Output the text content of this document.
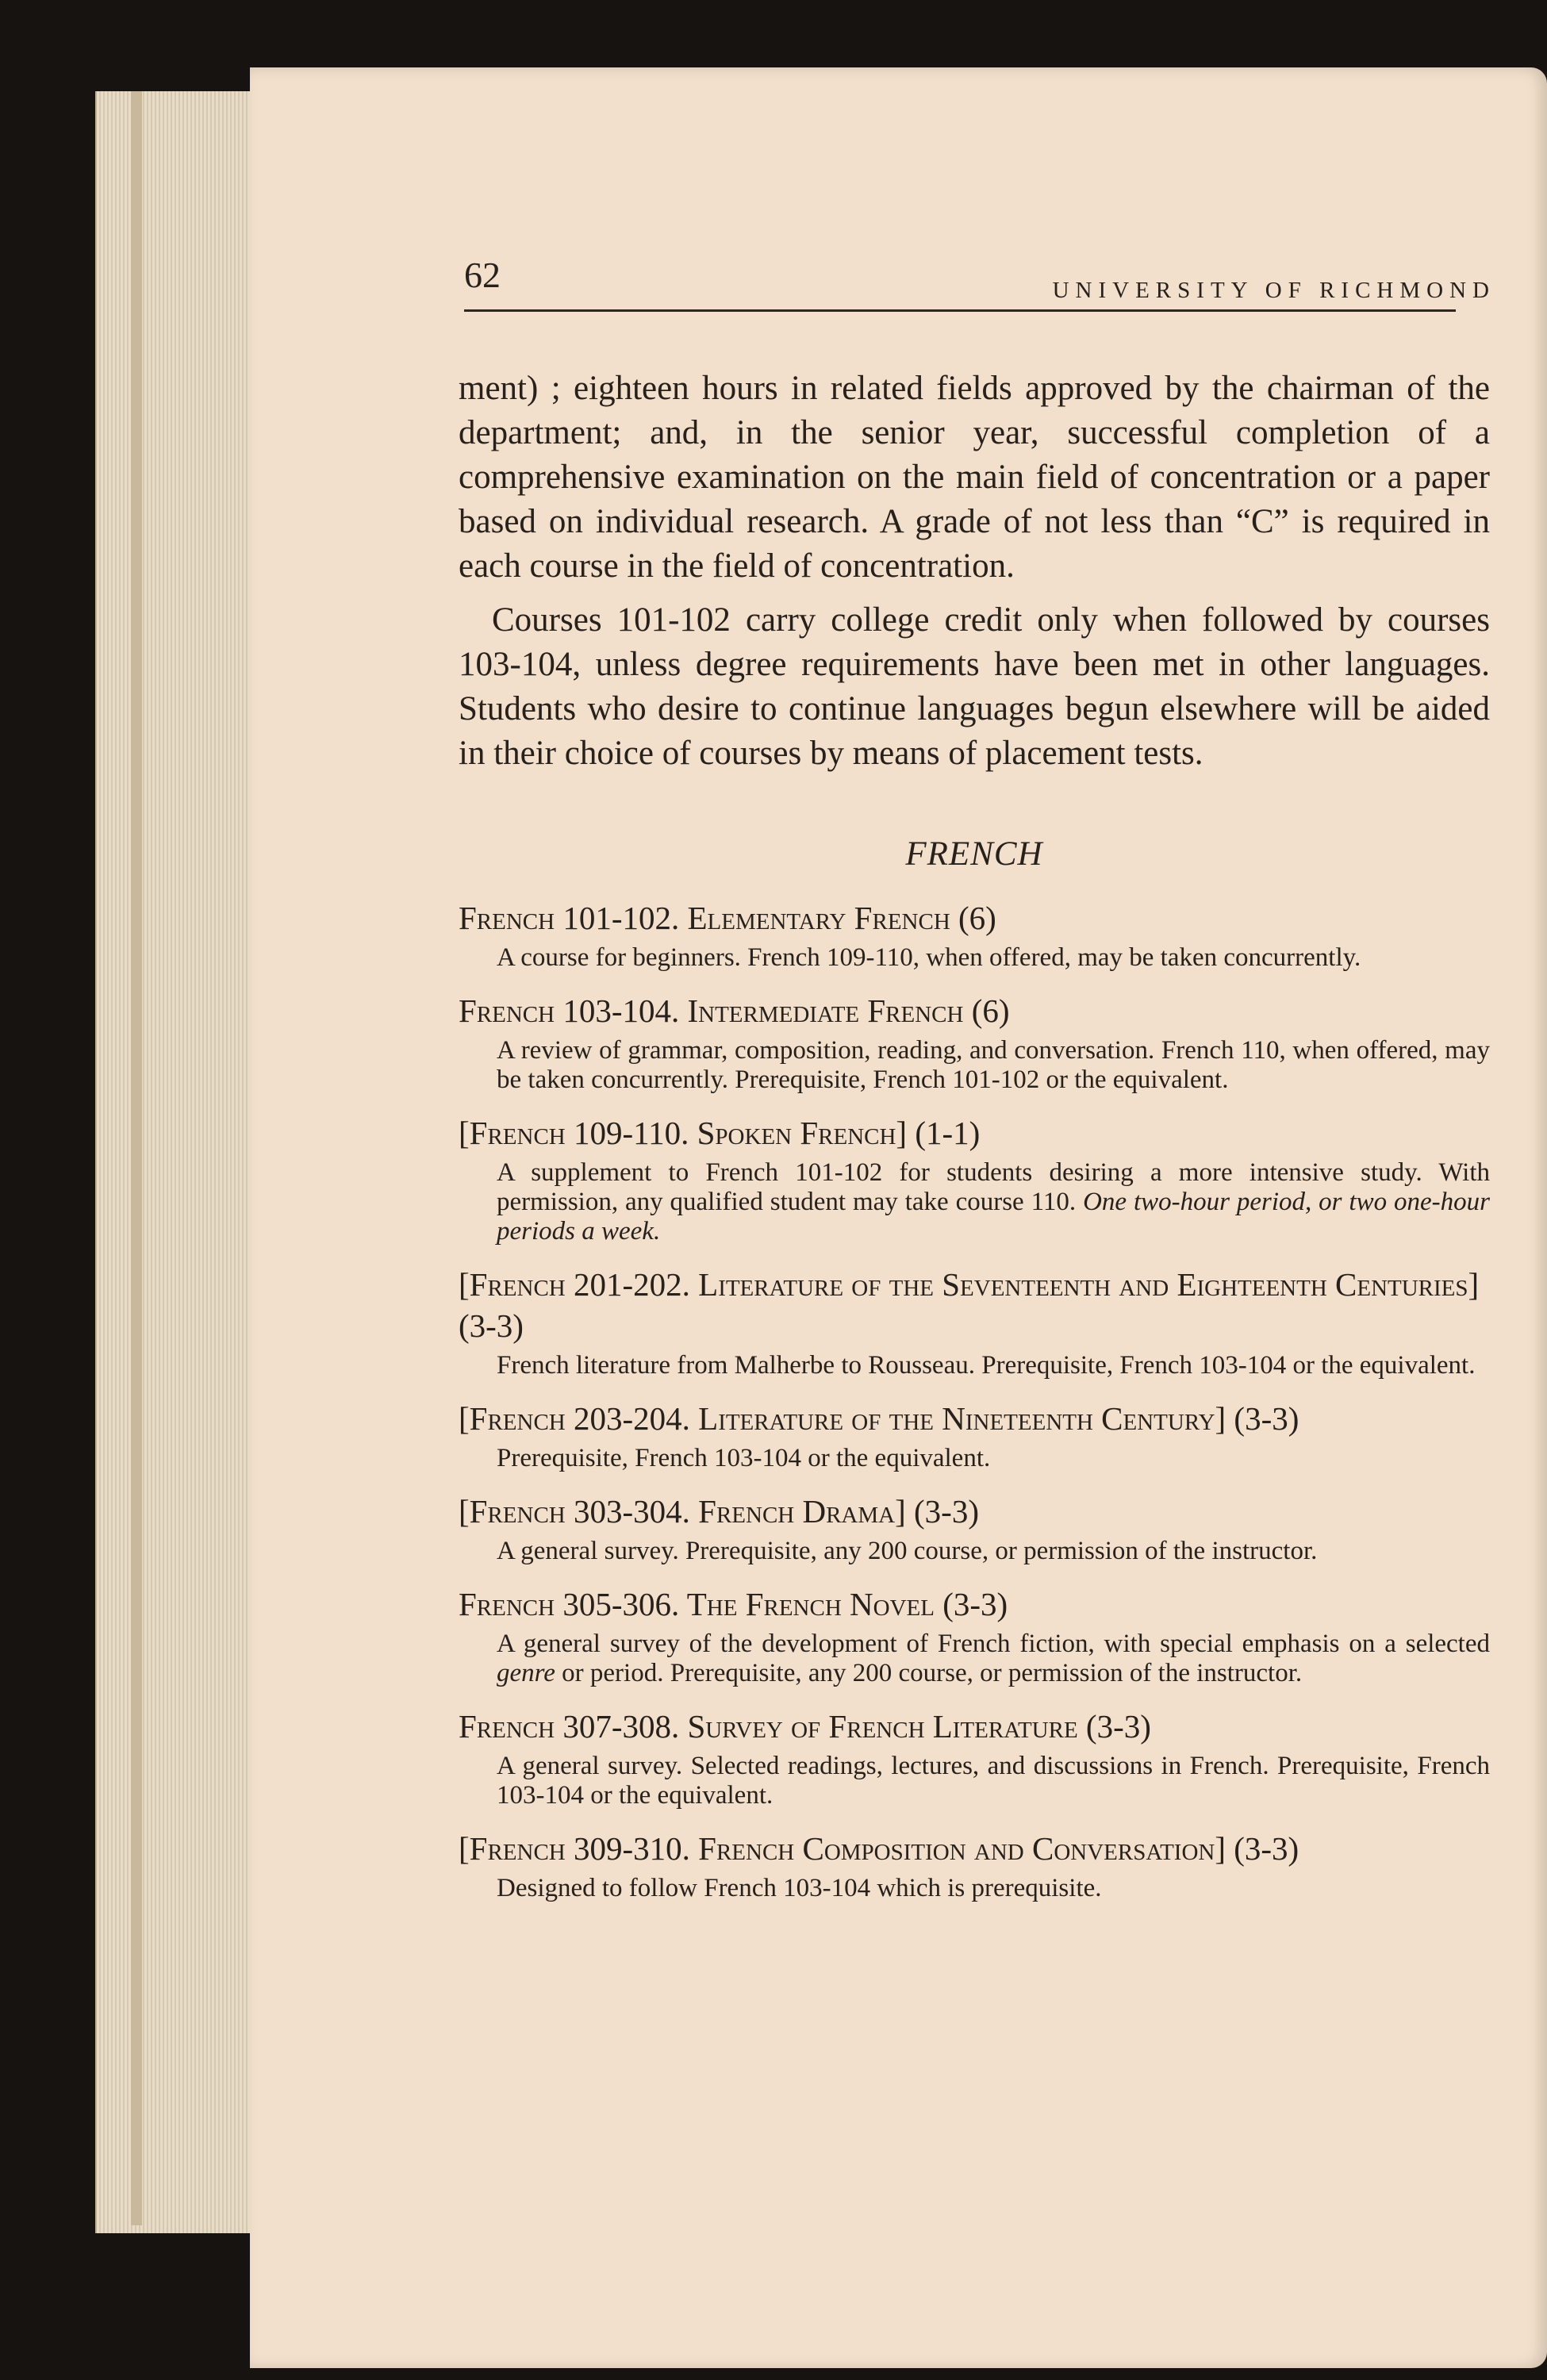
62	UNIVERSITY OF RICHMOND

ment) ; eighteen hours in related fields approved by the chairman of the department; and, in the senior year, successful completion of a comprehensive examination on the main field of concentration or a paper based on individual research. A grade of not less than “C” is required in each course in the field of concentration.

Courses 101-102 carry college credit only when followed by courses 103-104, unless degree requirements have been met in other languages. Students who desire to continue languages begun elsewhere will be aided in their choice of courses by means of placement tests.

FRENCH
French 101-102. Elementary French (6)
A course for beginners. French 109-110, when offered, may be taken concurrently.
French 103-104. Intermediate French (6)
A review of grammar, composition, reading, and conversation. French 110, when offered, may be taken concurrently. Prerequisite, French 101-102 or the equivalent.
[French 109-110. Spoken French] (1-1)
A supplement to French 101-102 for students desiring a more intensive study. With permission, any qualified student may take course 110. One two-hour period, or two one-hour periods a week.
[French 201-202. Literature of the Seventeenth and Eighteenth Centuries] (3-3)
French literature from Malherbe to Rousseau. Prerequisite, French 103-104 or the equivalent.
[French 203-204. Literature of the Nineteenth Century] (3-3)
Prerequisite, French 103-104 or the equivalent.
[French 303-304. French Drama] (3-3)
A general survey. Prerequisite, any 200 course, or permission of the instructor.
French 305-306. The French Novel (3-3)
A general survey of the development of French fiction, with special emphasis on a selected genre or period. Prerequisite, any 200 course, or permission of the instructor.
French 307-308. Survey of French Literature (3-3)
A general survey. Selected readings, lectures, and discussions in French. Prerequisite, French 103-104 or the equivalent.
[French 309-310. French Composition and Conversation] (3-3)
Designed to follow French 103-104 which is prerequisite.
